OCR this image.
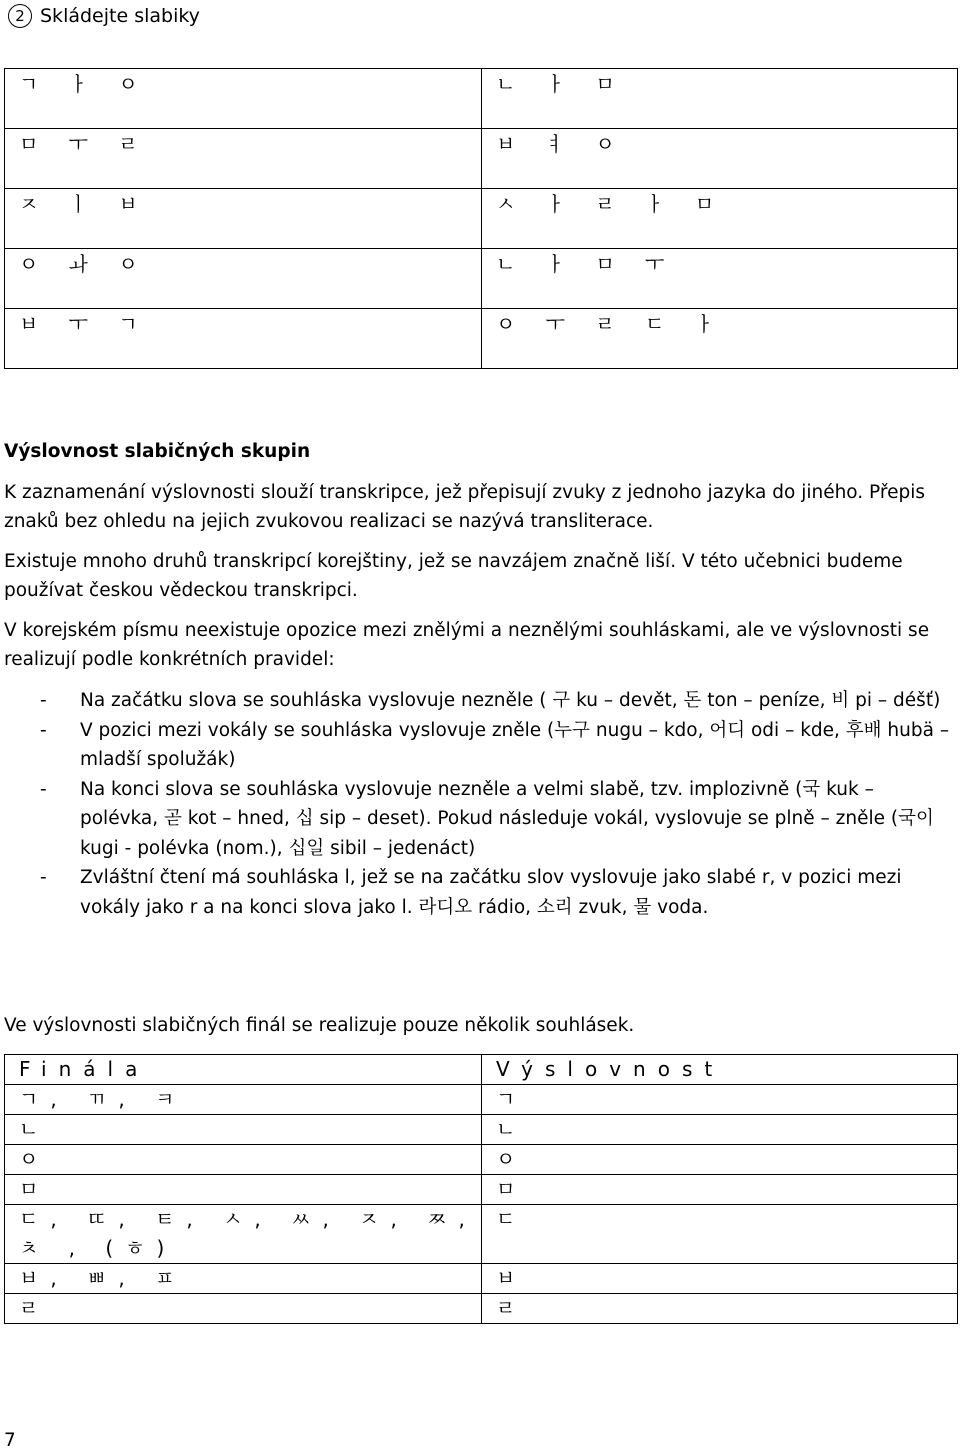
2 Skládejte slabiky
ㄱ ㅏ ㅇ	ㄴ ㅏ ㅁ
ㅁ ㅜ ㄹ	ㅂ ㅕ ㅇ
ㅈ ㅣ ㅂ	ㅅ ㅏ ㄹ ㅏ ㅁ
ㅇ ㅘ ㅇ	ㄴ ㅏ ㅁ ㅜ
ㅂ ㅜ ㄱ	ㅇ ㅜ ㄹ ㄷ ㅏ
Výslovnost slabičných skupin
K zaznamenání výslovnosti slouží transkripce, jež přepisují zvuky z jednoho jazyka do jiného. Přepis znaků bez ohledu na jejich zvukovou realizaci se nazývá transliterace.
Existuje mnoho druhů transkripcí korejštiny, jež se navzájem značně liší. V této učebnici budeme používat českou vědeckou transkripci.
V korejském písmu neexistuje opozice mezi znělými a neznělými souhláskami, ale ve výslovnosti se realizují podle konkrétních pravidel:
- Na začátku slova se souhláska vyslovuje nezněle ( 구 ku – devět, 돈 ton – peníze, 비 pi – déšť)
- V pozici mezi vokály se souhláska vyslovuje zněle (누구 nugu – kdo, 어디 odi – kde, 후배 hubä – mladší spolužák)
- Na konci slova se souhláska vyslovuje nezněle a velmi slabě, tzv. implozivně (국 kuk – polévka, 곧 kot – hned, 십 sip – deset). Pokud následuje vokál, vyslovuje se plně – zněle (국이 kugi - polévka (nom.), 십일 sibil – jedenáct)
- Zvláštní čtení má souhláska l, jež se na začátku slov vyslovuje jako slabé r, v pozici mezi vokály jako r a na konci slova jako l. 라디오 rádio, 소리 zvuk, 물 voda.
Ve výslovnosti slabičných finál se realizuje pouze několik souhlásek.
Finála	Výslovnost
ㄱ, ㄲ, ㅋ	ㄱ
ㄴ	ㄴ
ㅇ	ㅇ
ㅁ	ㅁ
ㄷ, ㄸ, ㅌ, ㅅ, ㅆ, ㅈ, ㅉ, ㅊ , (ㅎ)	ㄷ
ㅂ, ㅃ, ㅍ	ㅂ
ㄹ	ㄹ
7
